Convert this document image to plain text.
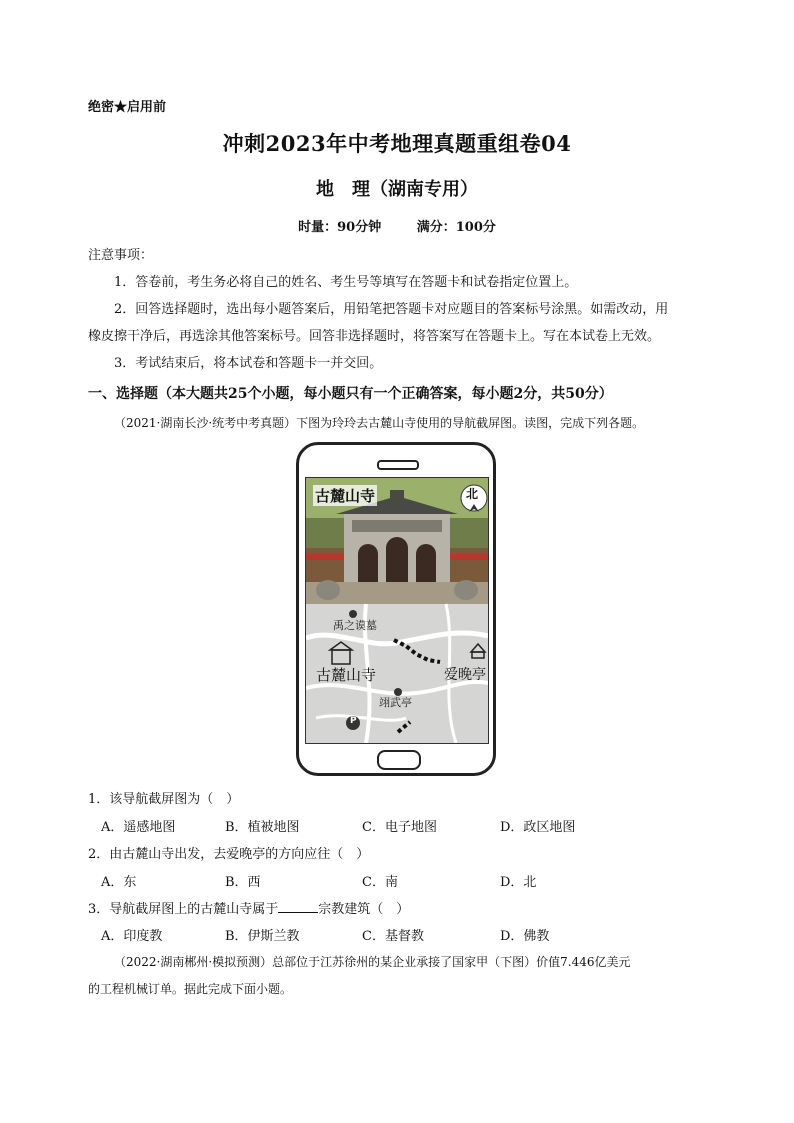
绝密★启用前
冲刺2023年中考地理真题重组卷04
地　理（湖南专用）
时量：90分钟　 满分：100分
注意事项：
1．答卷前，考生务必将自己的姓名、考生号等填写在答题卡和试卷指定位置上。
2．回答选择题时，选出每小题答案后，用铅笔把答题卡对应题目的答案标号涂黑。如需改动，用
橡皮擦干净后，再选涂其他答案标号。回答非选择题时，将答案写在答题卡上。写在本试卷上无效。
3．考试结束后，将本试卷和答题卡一并交回。
一、选择题（本大题共25个小题，每小题只有一个正确答案，每小题2分，共50分）
（2021·湖南长沙·统考中考真题）下图为玲玲去古麓山寺使用的导航截屏图。读图，完成下列各题。
古麓山寺	北
禹之谟墓
古麓山寺	爱晚亭
翊武亭
P
1．该导航截屏图为（　）
A．遥感地图	B．植被地图	C．电子地图	D．政区地图
2．由古麓山寺出发，去爱晚亭的方向应往（　）
A．东	B．西	C．南	D．北
3．导航截屏图上的古麓山寺属于	宗教建筑（　）
A．印度教	B．伊斯兰教	C．基督教	D．佛教
（2022·湖南郴州·模拟预测）总部位于江苏徐州的某企业承接了国家甲（下图）价值7.446亿美元
的工程机械订单。据此完成下面小题。
